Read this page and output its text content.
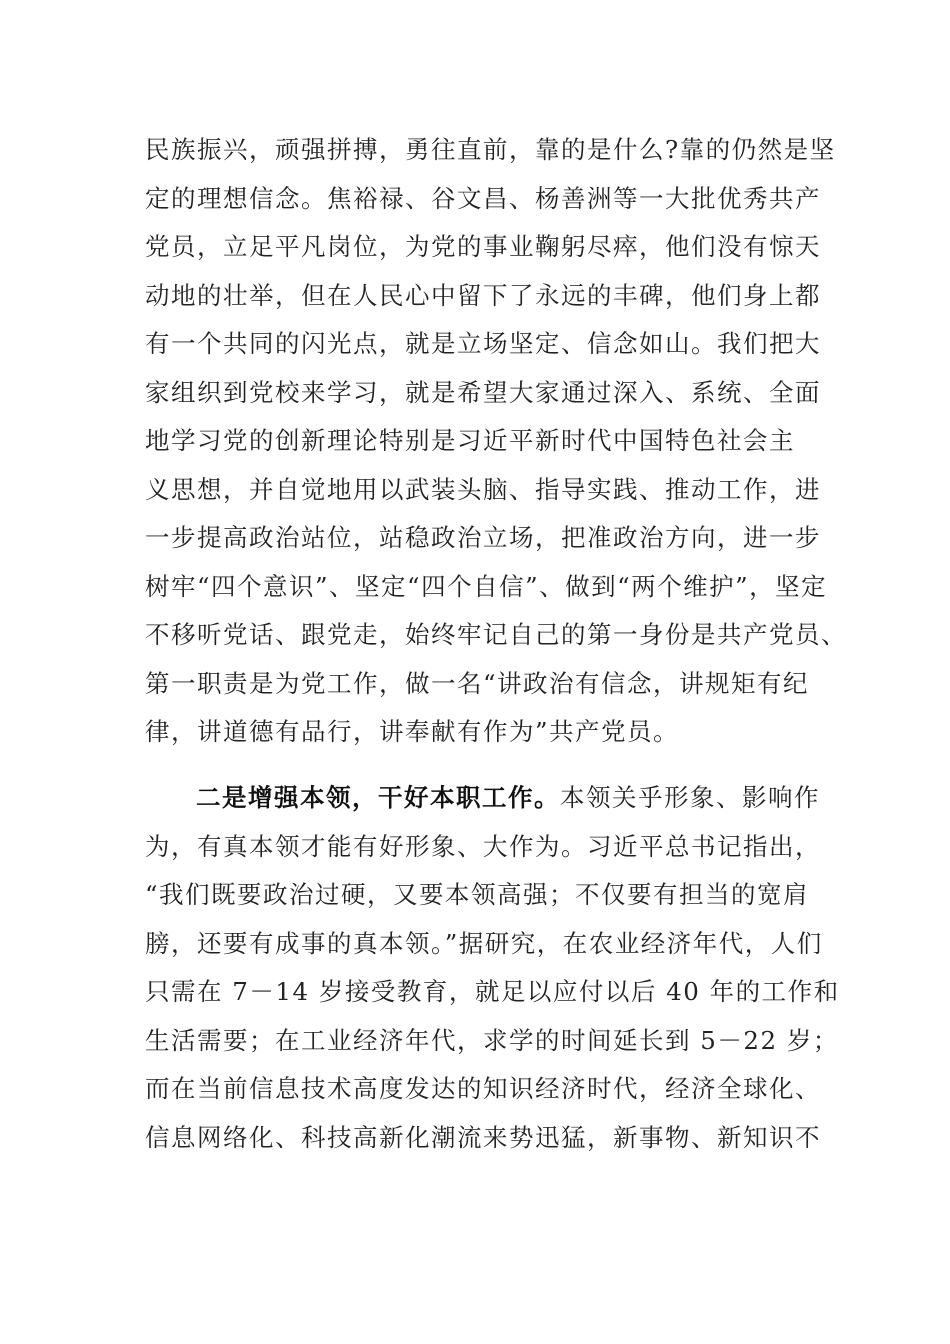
民族振兴，顽强拼搏，勇往直前，靠的是什么?靠的仍然是坚
定的理想信念。焦裕禄、谷文昌、杨善洲等一大批优秀共产
党员，立足平凡岗位，为党的事业鞠躬尽瘁，他们没有惊天
动地的壮举，但在人民心中留下了永远的丰碑，他们身上都
有一个共同的闪光点，就是立场坚定、信念如山。我们把大
家组织到党校来学习，就是希望大家通过深入、系统、全面
地学习党的创新理论特别是习近平新时代中国特色社会主
义思想，并自觉地用以武装头脑、指导实践、推动工作，进
一步提高政治站位，站稳政治立场，把准政治方向，进一步
树牢“四个意识”、坚定“四个自信”、做到“两个维护”，坚定
不移听党话、跟党走，始终牢记自己的第一身份是共产党员、
第一职责是为党工作，做一名“讲政治有信念，讲规矩有纪
律，讲道德有品行，讲奉献有作为”共产党员。
二是增强本领，干好本职工作。本领关乎形象、影响作
为，有真本领才能有好形象、大作为。习近平总书记指出，
“我们既要政治过硬，又要本领高强；不仅要有担当的宽肩
膀，还要有成事的真本领。”据研究，在农业经济年代，人们
只需在 7－14 岁接受教育，就足以应付以后 40 年的工作和
生活需要；在工业经济年代，求学的时间延长到 5－22 岁；
而在当前信息技术高度发达的知识经济时代，经济全球化、
信息网络化、科技高新化潮流来势迅猛，新事物、新知识不
